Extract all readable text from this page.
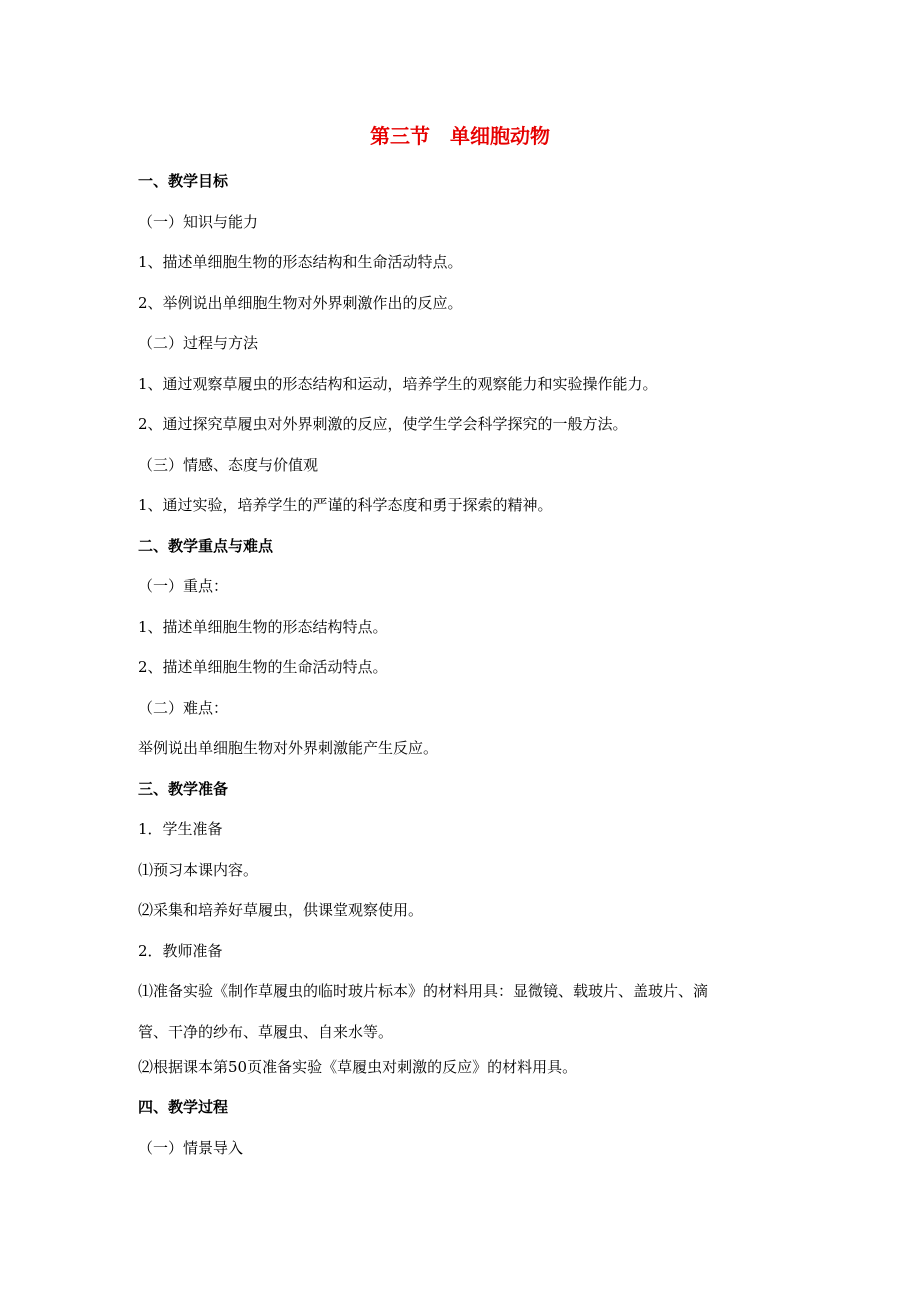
第三节　单细胞动物
一、教学目标
（一）知识与能力
1、描述单细胞生物的形态结构和生命活动特点。
2、举例说出单细胞生物对外界刺激作出的反应。
（二）过程与方法
1、通过观察草履虫的形态结构和运动，培养学生的观察能力和实验操作能力。
2、通过探究草履虫对外界刺激的反应，使学生学会科学探究的一般方法。
（三）情感、态度与价值观
1、通过实验，培养学生的严谨的科学态度和勇于探索的精神。
二、教学重点与难点
（一）重点：
1、描述单细胞生物的形态结构特点。
2、描述单细胞生物的生命活动特点。
（二）难点：
举例说出单细胞生物对外界刺激能产生反应。
三、教学准备
1．学生准备
⑴预习本课内容。
⑵采集和培养好草履虫，供课堂观察使用。
2．教师准备
⑴准备实验《制作草履虫的临时玻片标本》的材料用具：显微镜、载玻片、盖玻片、滴
管、干净的纱布、草履虫、自来水等。
⑵根据课本第50页准备实验《草履虫对刺激的反应》的材料用具。
四、教学过程
（一）情景导入
